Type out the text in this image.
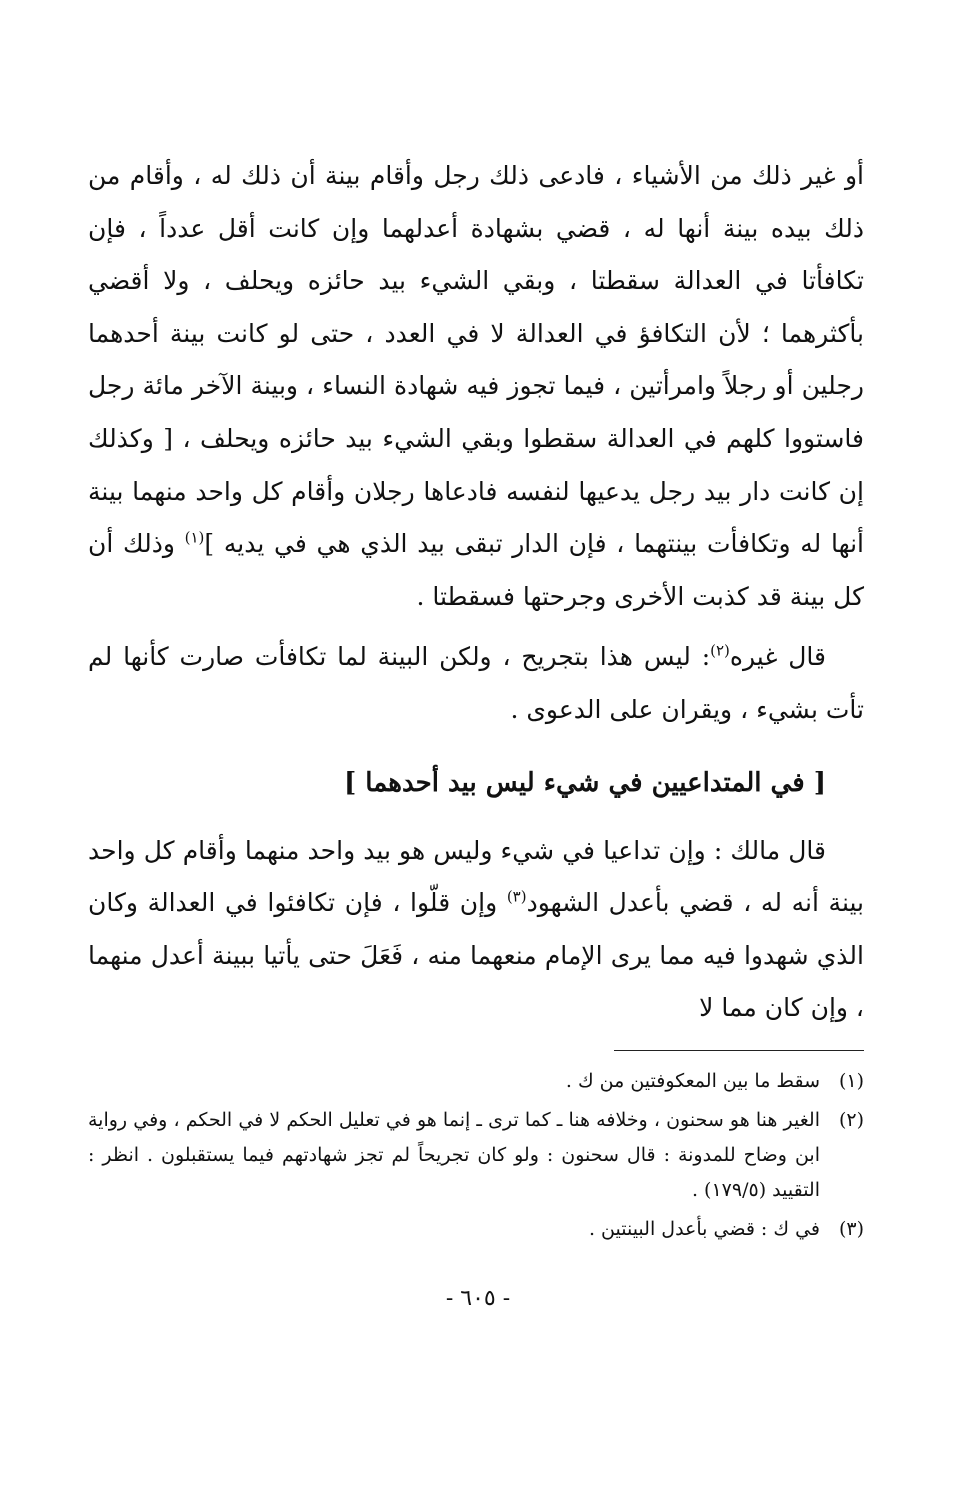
أو غير ذلك من الأشياء ، فادعى ذلك رجل وأقام بينة أن ذلك له ، وأقام من ذلك بيده بينة أنها له ، قضي بشهادة أعدلهما وإن كانت أقل عدداً ، فإن تكافأتا في العدالة سقطتا ، وبقي الشيء بيد حائزه ويحلف ، ولا أقضي بأكثرهما ؛ لأن التكافؤ في العدالة لا في العدد ، حتى لو كانت بينة أحدهما رجلين أو رجلاً وامرأتين ، فيما تجوز فيه شهادة النساء ، وبينة الآخر مائة رجل فاستووا كلهم في العدالة سقطوا وبقي الشيء بيد حائزه ويحلف ، [ وكذلك إن كانت دار بيد رجل يدعيها لنفسه فادعاها رجلان وأقام كل واحد منهما بينة أنها له وتكافأت بينتهما ، فإن الدار تبقى بيد الذي هي في يديه ]$^{(١)}$ وذلك أن كل بينة قد كذبت الأخرى وجرحتها فسقطتا .

قال غيره$^{(٢)}$: ليس هذا بتجريح ، ولكن البينة لما تكافأت صارت كأنها لم تأت بشيء ، ويقران على الدعوى .

[ في المتداعيين في شيء ليس بيد أحدهما ]

قال مالك : وإن تداعيا في شيء وليس هو بيد واحد منهما وأقام كل واحد بينة أنه له ، قضي بأعدل الشهود$^{(٣)}$ وإن قلّوا ، فإن تكافئوا في العدالة وكان الذي شهدوا فيه مما يرى الإمام منعهما منه ، فَعَلَ حتى يأتيا ببينة أعدل منهما ، وإن كان مما لا

(١)
سقط ما بين المعكوفتين من ك .
(٢)
الغير هنا هو سحنون ، وخلافه هنا ـ كما ترى ـ إنما هو في تعليل الحكم لا في الحكم ، وفي رواية ابن وضاح للمدونة : قال سحنون : ولو كان تجريحاً لم تجز شهادتهم فيما يستقبلون . انظر : التقييد (١٧٩/٥) .
(٣)
في ك : قضي بأعدل البينتين .
- ٦٠٥ -
